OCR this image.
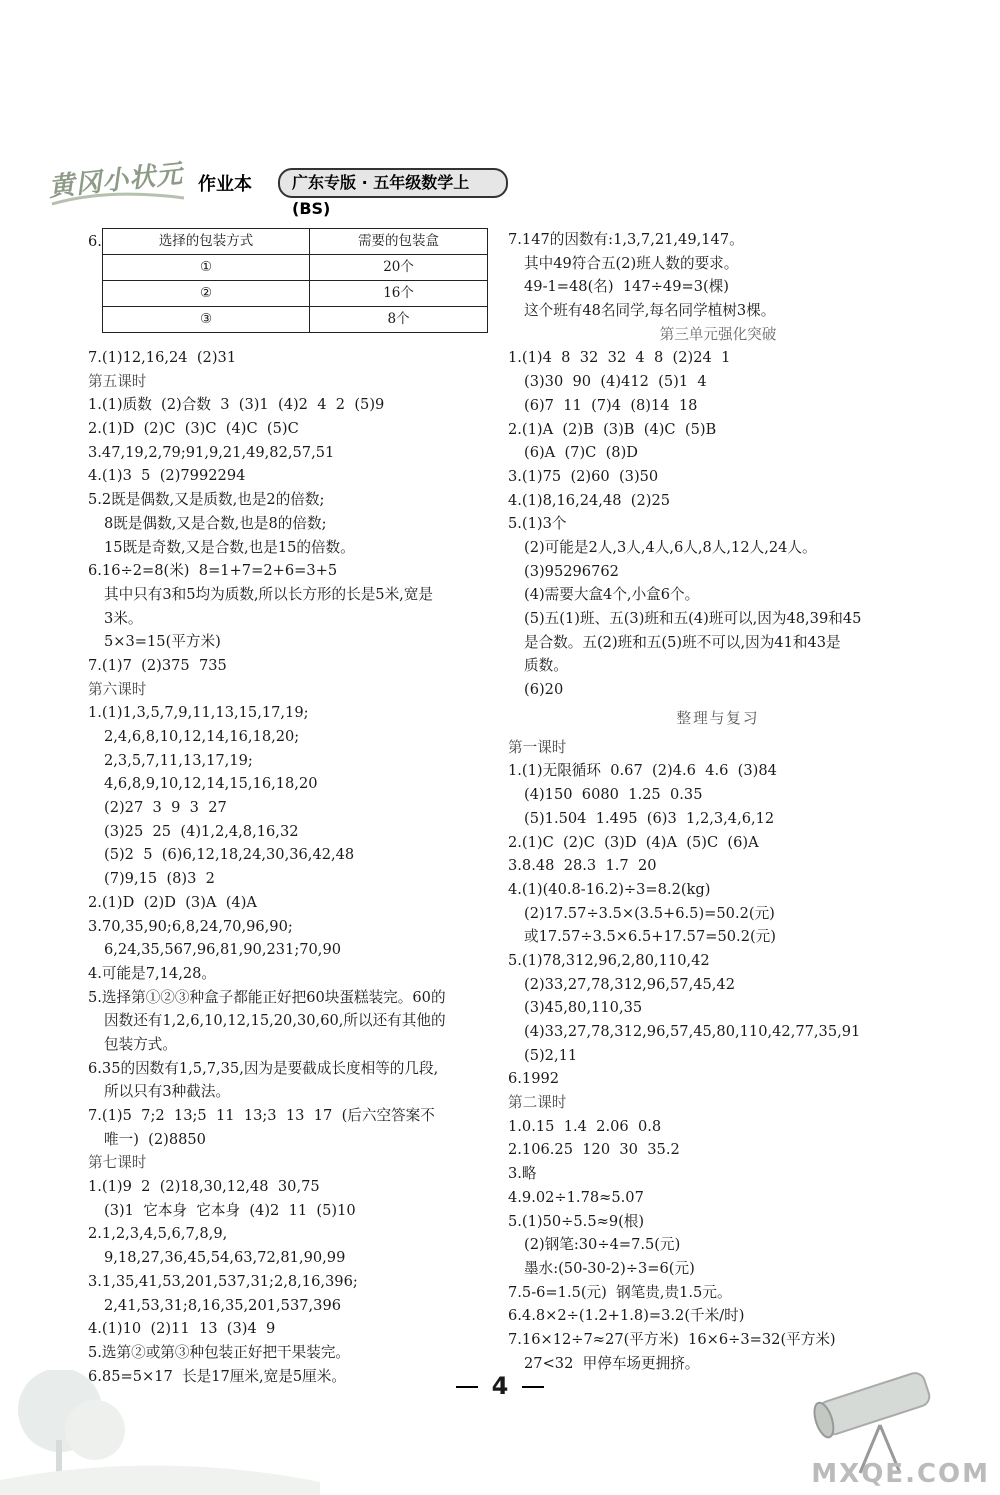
黄冈小状元 作业本	广东专版 · 五年级数学上(BS)
6.	选择的包装方式	需要的包装盒
①	20个
②	16个
③	8个
7.(1)12,16,24  (2)31
第五课时
1.(1)质数  (2)合数  3  (3)1  (4)2  4  2  (5)9
2.(1)D  (2)C  (3)C  (4)C  (5)C
3.47,19,2,79;91,9,21,49,82,57,51
4.(1)3  5  (2)7992294
5.2既是偶数,又是质数,也是2的倍数;
8既是偶数,又是合数,也是8的倍数;
15既是奇数,又是合数,也是15的倍数。
6.16÷2=8(米)  8=1+7=2+6=3+5
其中只有3和5均为质数,所以长方形的长是5米,宽是
3米。
5×3=15(平方米)
7.(1)7  (2)375  735
第六课时
1.(1)1,3,5,7,9,11,13,15,17,19;
2,4,6,8,10,12,14,16,18,20;
2,3,5,7,11,13,17,19;
4,6,8,9,10,12,14,15,16,18,20
(2)27  3  9  3  27
(3)25  25  (4)1,2,4,8,16,32
(5)2  5  (6)6,12,18,24,30,36,42,48
(7)9,15  (8)3  2
2.(1)D  (2)D  (3)A  (4)A
3.70,35,90;6,8,24,70,96,90;
6,24,35,567,96,81,90,231;70,90
4.可能是7,14,28。
5.选择第①②③种盒子都能正好把60块蛋糕装完。60的
因数还有1,2,6,10,12,15,20,30,60,所以还有其他的
包装方式。
6.35的因数有1,5,7,35,因为是要截成长度相等的几段,
所以只有3种截法。
7.(1)5  7;2  13;5  11  13;3  13  17  (后六空答案不
唯一)  (2)8850
第七课时
1.(1)9  2  (2)18,30,12,48  30,75
(3)1  它本身  它本身  (4)2  11  (5)10
2.1,2,3,4,5,6,7,8,9,
9,18,27,36,45,54,63,72,81,90,99
3.1,35,41,53,201,537,31;2,8,16,396;
2,41,53,31;8,16,35,201,537,396
4.(1)10  (2)11  13  (3)4  9
5.选第②或第③种包装正好把干果装完。
6.85=5×17  长是17厘米,宽是5厘米。
7.147的因数有:1,3,7,21,49,147。
其中49符合五(2)班人数的要求。
49-1=48(名)  147÷49=3(棵)
这个班有48名同学,每名同学植树3棵。
第三单元强化突破
1.(1)4  8  32  32  4  8  (2)24  1
(3)30  90  (4)412  (5)1  4
(6)7  11  (7)4  (8)14  18
2.(1)A  (2)B  (3)B  (4)C  (5)B
(6)A  (7)C  (8)D
3.(1)75  (2)60  (3)50
4.(1)8,16,24,48  (2)25
5.(1)3个
(2)可能是2人,3人,4人,6人,8人,12人,24人。
(3)95296762
(4)需要大盒4个,小盒6个。
(5)五(1)班、五(3)班和五(4)班可以,因为48,39和45
是合数。五(2)班和五(5)班不可以,因为41和43是
质数。
(6)20
整理与复习
第一课时
1.(1)无限循环  0.67  (2)4.6  4.6  (3)84
(4)150  6080  1.25  0.35
(5)1.504  1.495  (6)3  1,2,3,4,6,12
2.(1)C  (2)C  (3)D  (4)A  (5)C  (6)A
3.8.48  28.3  1.7  20
4.(1)(40.8-16.2)÷3=8.2(kg)
(2)17.57÷3.5×(3.5+6.5)=50.2(元)
或17.57÷3.5×6.5+17.57=50.2(元)
5.(1)78,312,96,2,80,110,42
(2)33,27,78,312,96,57,45,42
(3)45,80,110,35
(4)33,27,78,312,96,57,45,80,110,42,77,35,91
(5)2,11
6.1992
第二课时
1.0.15  1.4  2.06  0.8
2.106.25  120  30  35.2
3.略
4.9.02÷1.78≈5.07
5.(1)50÷5.5≈9(根)
(2)钢笔:30÷4=7.5(元)
墨水:(50-30-2)÷3=6(元)
7.5-6=1.5(元)  钢笔贵,贵1.5元。
6.4.8×2÷(1.2+1.8)=3.2(千米/时)
7.16×12÷7≈27(平方米)  16×6÷3=32(平方米)
27<32  甲停车场更拥挤。
4
MXQE.COM
